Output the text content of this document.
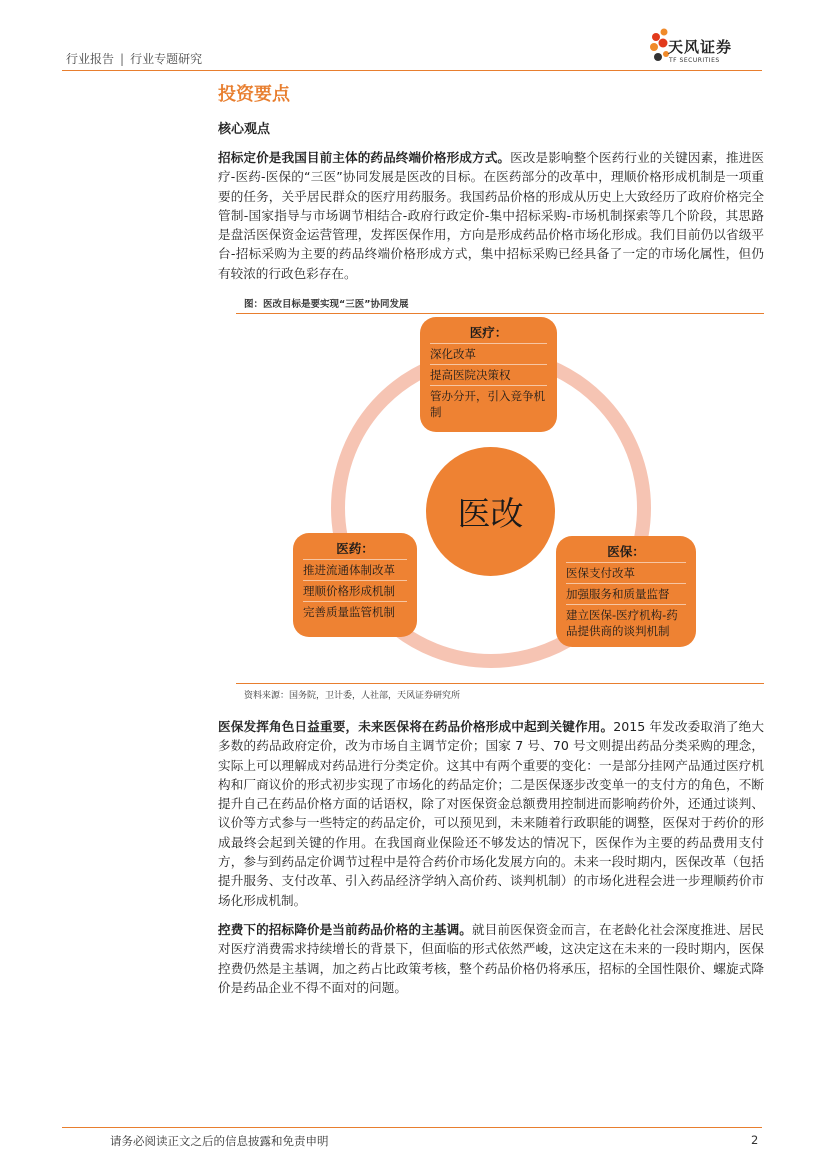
行业报告 | 行业专题研究
天风证券
TF SECURITIES
投资要点
核心观点
招标定价是我国目前主体的药品终端价格形成方式。医改是影响整个医药行业的关键因素，推进医疗-医药-医保的“三医”协同发展是医改的目标。在医药部分的改革中，理顺价格形成机制是一项重要的任务，关乎居民群众的医疗用药服务。我国药品价格的形成从历史上大致经历了政府价格完全管制-国家指导与市场调节相结合-政府行政定价-集中招标采购-市场机制探索等几个阶段，其思路是盘活医保资金运营管理，发挥医保作用，方向是形成药品价格市场化形成。我们目前仍以省级平台-招标采购为主要的药品终端价格形成方式，集中招标采购已经具备了一定的市场化属性，但仍有较浓的行政色彩存在。
图：医改目标是要实现“三医”协同发展
医改
医疗：
深化改革
提高医院决策权
管办分开，引入竞争机制
医药：
推进流通体制改革
理顺价格形成机制
完善质量监管机制
医保：
医保支付改革
加强服务和质量监督
建立医保-医疗机构-药品提供商的谈判机制
资料来源：国务院，卫计委，人社部，天风证券研究所
医保发挥角色日益重要，未来医保将在药品价格形成中起到关键作用。2015 年发改委取消了绝大多数的药品政府定价，改为市场自主调节定价；国家 7 号、70 号文则提出药品分类采购的理念，实际上可以理解成对药品进行分类定价。这其中有两个重要的变化：一是部分挂网产品通过医疗机构和厂商议价的形式初步实现了市场化的药品定价；二是医保逐步改变单一的支付方的角色，不断提升自己在药品价格方面的话语权，除了对医保资金总额费用控制进而影响药价外，还通过谈判、议价等方式参与一些特定的药品定价，可以预见到，未来随着行政职能的调整，医保对于药价的形成最终会起到关键的作用。在我国商业保险还不够发达的情况下，医保作为主要的药品费用支付方，参与到药品定价调节过程中是符合药价市场化发展方向的。未来一段时期内，医保改革（包括提升服务、支付改革、引入药品经济学纳入高价药、谈判机制）的市场化进程会进一步理顺药价市场化形成机制。
控费下的招标降价是当前药品价格的主基调。就目前医保资金而言，在老龄化社会深度推进、居民对医疗消费需求持续增长的背景下，但面临的形式依然严峻，这决定这在未来的一段时期内，医保控费仍然是主基调，加之药占比政策考核，整个药品价格仍将承压，招标的全国性限价、螺旋式降价是药品企业不得不面对的问题。
请务必阅读正文之后的信息披露和免责申明	2
